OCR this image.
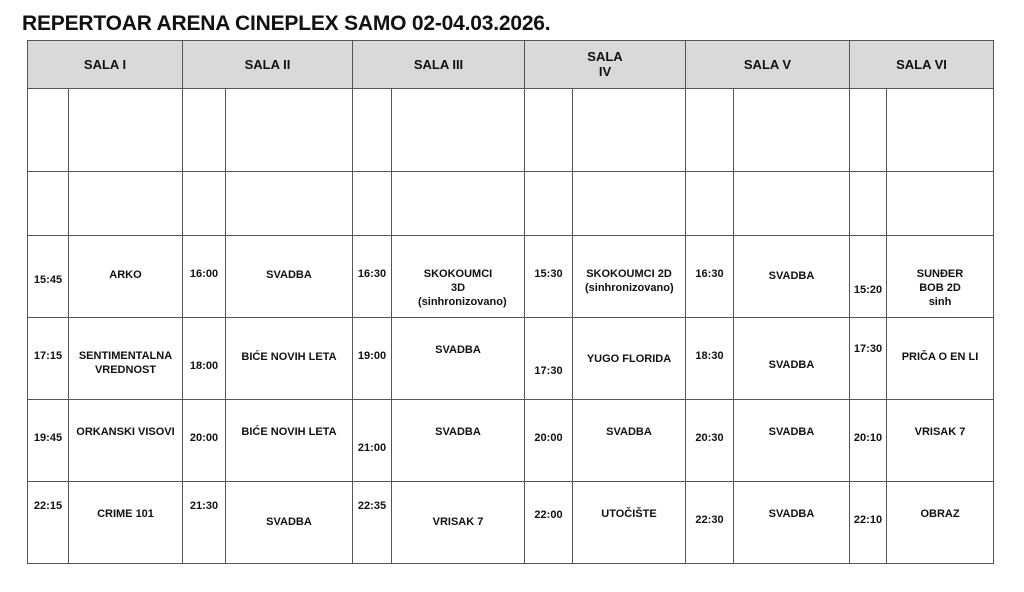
REPERTOAR ARENA CINEPLEX SAMO 02-04.03.2026.
SALA I		SALA II		SALA III		SALA IV		SALA V		SALA VI	

15:45	ARKO	16:00	SVADBA	16:30	SKOKOUMCI 3D (sinhronizovano)	15:30	SKOKOUMCI 2D (sinhronizovano)	16:30	SVADBA	15:20	SUNĐER BOB 2D sinh

17:15	SENTIMENTALNA VREDNOST	18:00	BIĆE NOVIH LETA	19:00	SVADBA	17:30	YUGO FLORIDA	18:30	SVADBA	17:30	PRIČA O EN LI

19:45	ORKANSKI VISOVI	20:00	BIĆE NOVIH LETA	21:00	SVADBA	20:00	SVADBA	20:30	SVADBA	20:10	VRISAK 7

22:15	CRIME 101	21:30	SVADBA	22:35	VRISAK 7	22:00	UTOČIŠTE	22:30	SVADBA	22:10	OBRAZ
